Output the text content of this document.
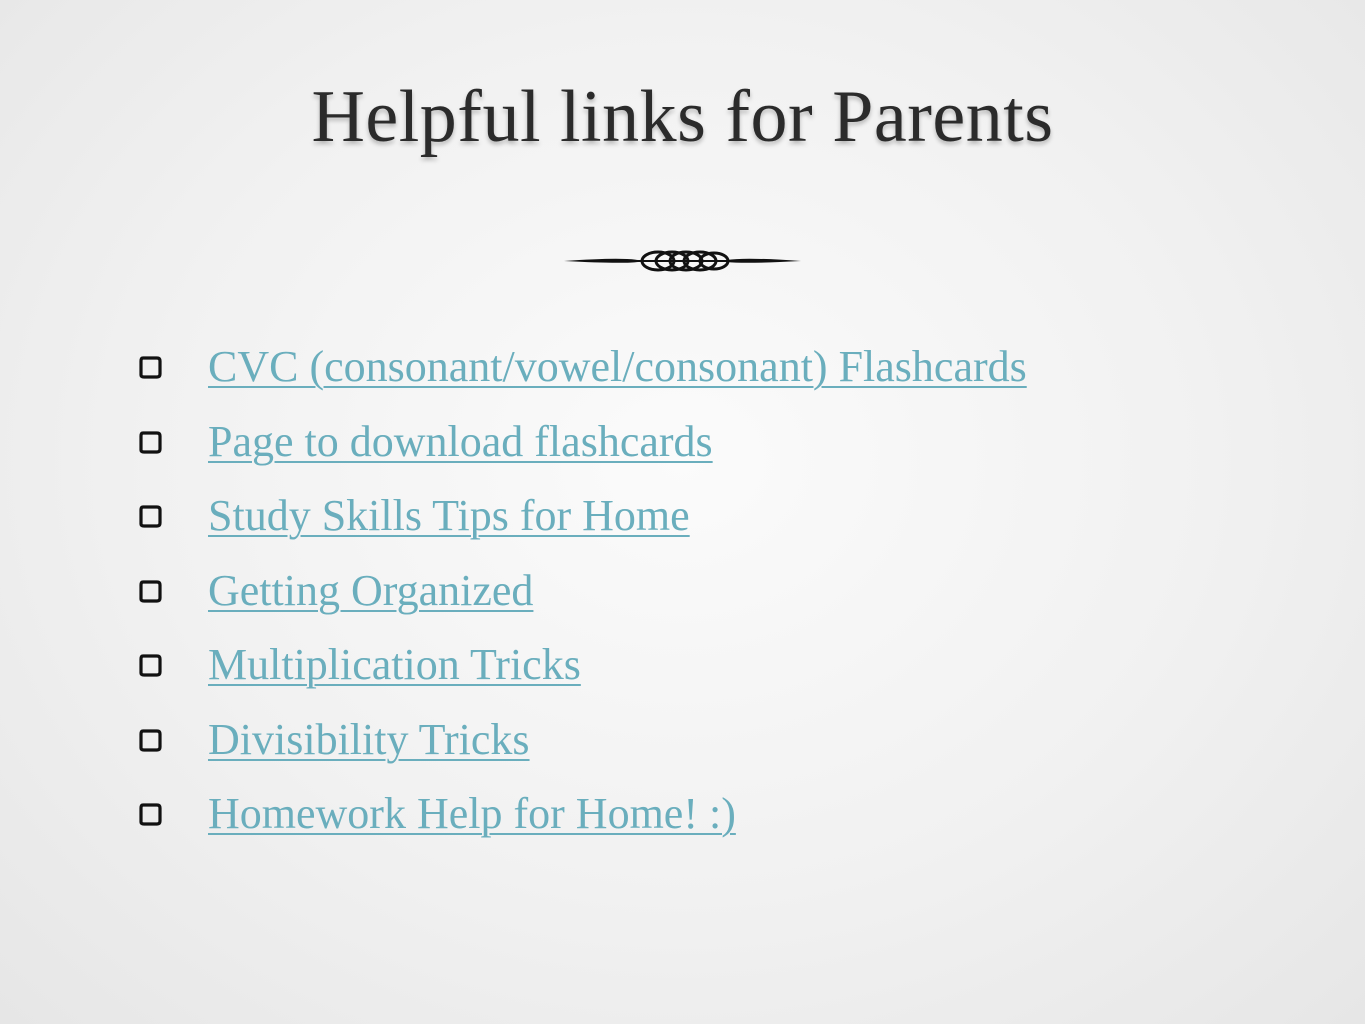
Helpful links for Parents
CVC (consonant/vowel/consonant) Flashcards
Page to download flashcards
Study Skills Tips for Home
Getting Organized
Multiplication Tricks
Divisibility Tricks
Homework Help for Home! :)
